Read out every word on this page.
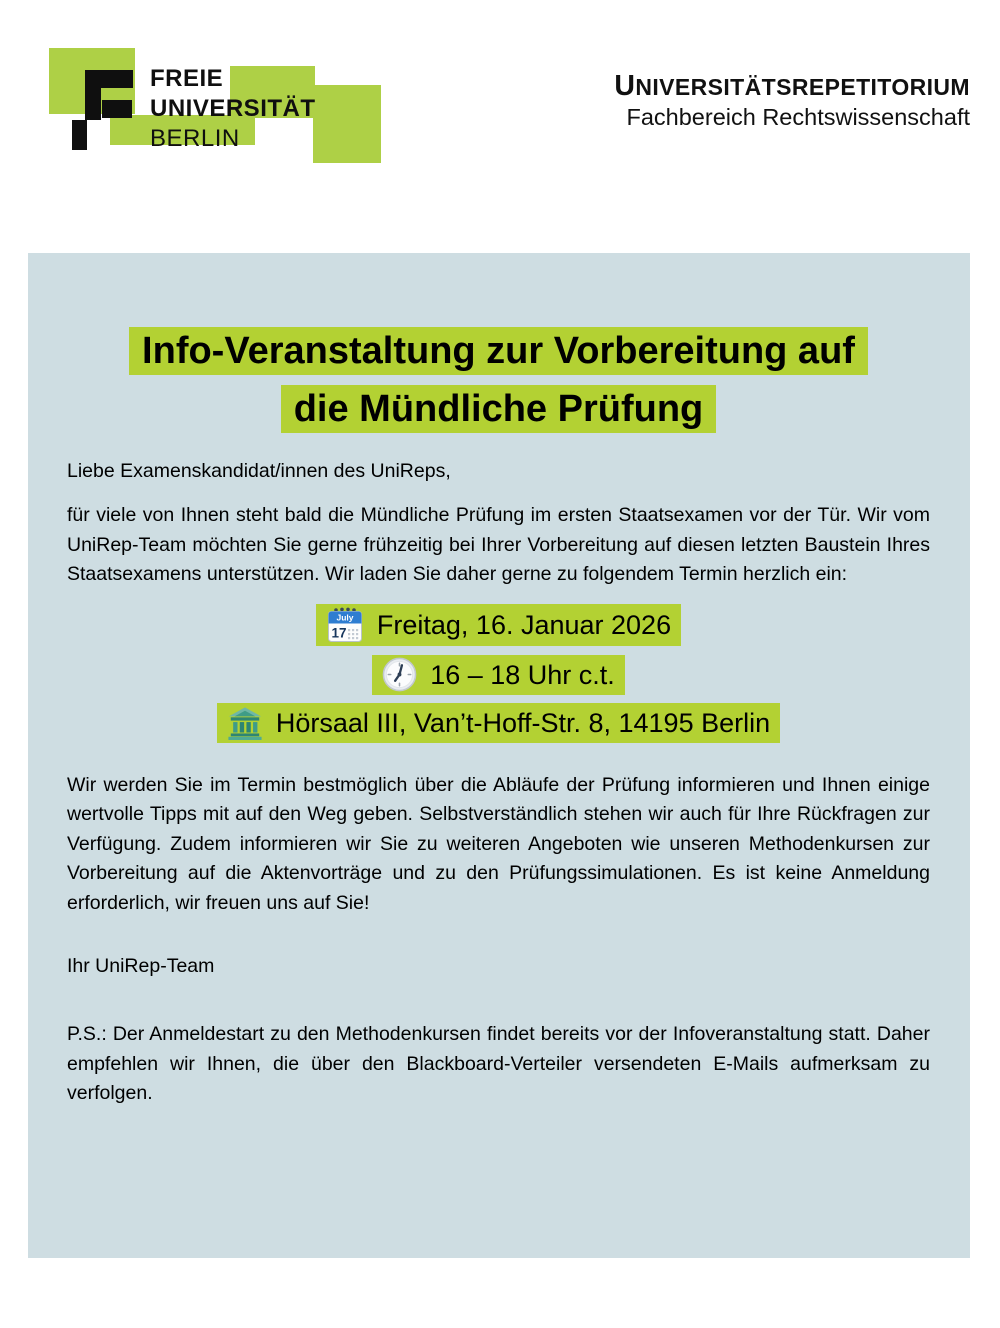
FREIE
UNIVERSITÄT
BERLIN
UNIVERSITÄTSREPETITORIUM
Fachbereich Rechtswissenschaft
Info-Veranstaltung zur Vorbereitung auf
die Mündliche Prüfung

Liebe Examenskandidat/innen des UniReps,

für viele von Ihnen steht bald die Mündliche Prüfung im ersten Staatsexamen vor der Tür. Wir vom UniRep-Team möchten Sie gerne frühzeitig bei Ihrer Vorbereitung auf diesen letzten Baustein Ihres Staatsexamens unterstützen. Wir laden Sie daher gerne zu folgendem Termin herzlich ein:

July
17 Freitag, 16. Januar 2026
16 – 18 Uhr c.t.
Hörsaal III, Van’t-Hoff-Str. 8, 14195 Berlin

Wir werden Sie im Termin bestmöglich über die Abläufe der Prüfung informieren und Ihnen einige wertvolle Tipps mit auf den Weg geben. Selbstverständlich stehen wir auch für Ihre Rückfragen zur Verfügung. Zudem informieren wir Sie zu weiteren Angeboten wie unseren Methodenkursen zur Vorbereitung auf die Aktenvorträge und zu den Prüfungssimulationen. Es ist keine Anmeldung erforderlich, wir freuen uns auf Sie!

Ihr UniRep-Team

P.S.: Der Anmeldestart zu den Methodenkursen findet bereits vor der Infoveranstaltung statt. Daher empfehlen wir Ihnen, die über den Blackboard-Verteiler versendeten E-Mails aufmerksam zu verfolgen.
